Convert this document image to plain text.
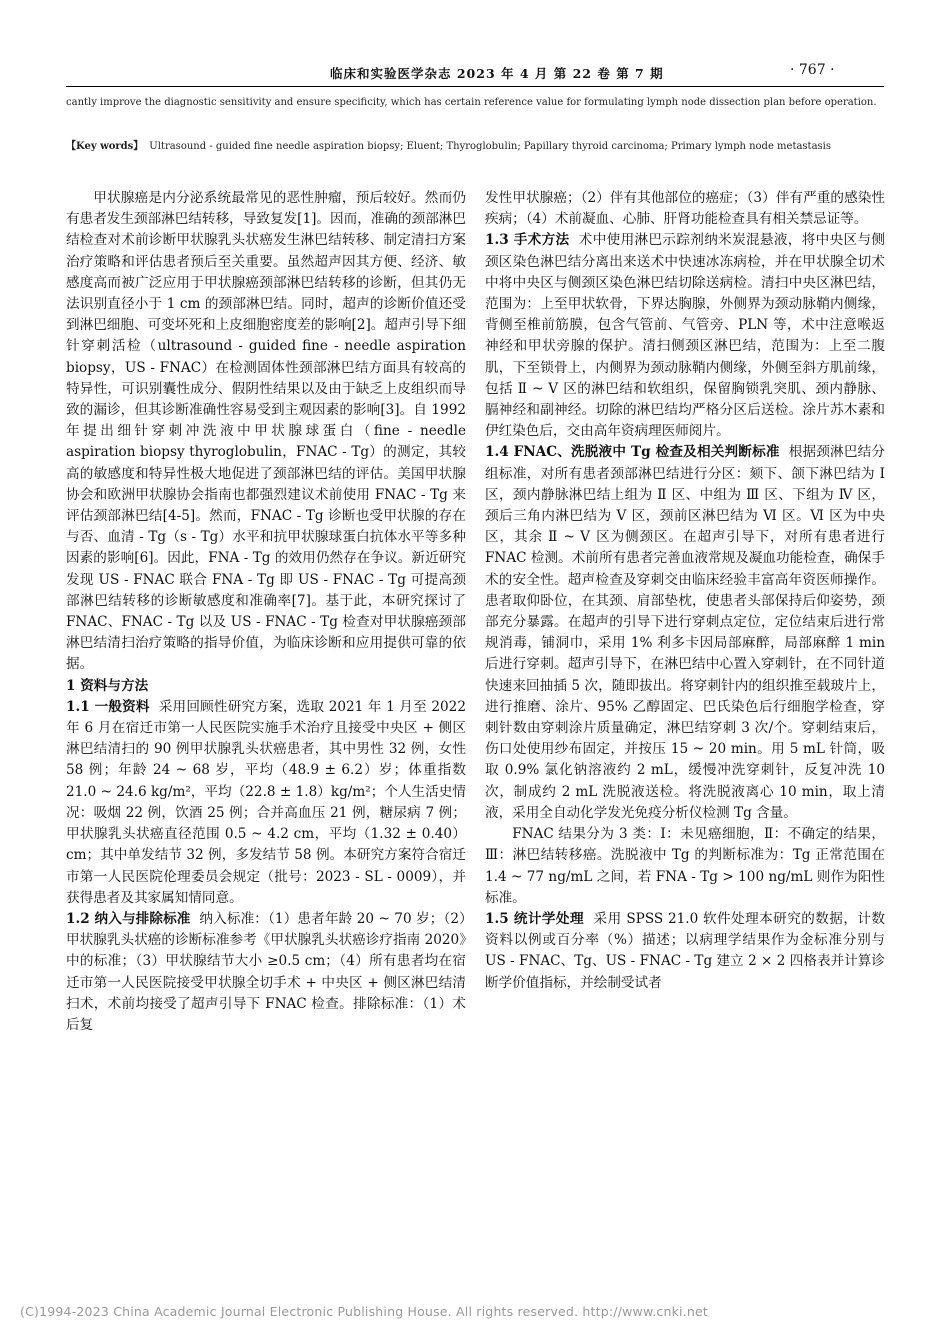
临床和实验医学杂志 2023 年 4 月 第 22 卷 第 7 期	· 767 ·
cantly improve the diagnostic sensitivity and ensure specificity, which has certain reference value for formulating lymph node dissection plan before operation.
【Key words】 Ultrasound - guided fine needle aspiration biopsy; Eluent; Thyroglobulin; Papillary thyroid carcinoma; Primary lymph node metastasis

甲状腺癌是内分泌系统最常见的恶性肿瘤，预后较好。然而仍有患者发生颈部淋巴结转移，导致复发[1]。因而，准确的颈部淋巴结检查对术前诊断甲状腺乳头状癌发生淋巴结转移、制定清扫方案治疗策略和评估患者预后至关重要。虽然超声因其方便、经济、敏感度高而被广泛应用于甲状腺癌颈部淋巴结转移的诊断，但其仍无法识别直径小于 1 cm 的颈部淋巴结。同时，超声的诊断价值还受到淋巴细胞、可变坏死和上皮细胞密度差的影响[2]。超声引导下细针穿刺活检（ultrasound - guided fine - needle aspiration biopsy，US - FNAC）在检测固体性颈部淋巴结方面具有较高的特异性，可识别囊性成分、假阴性结果以及由于缺乏上皮组织而导致的漏诊，但其诊断准确性容易受到主观因素的影响[3]。自 1992 年提出细针穿刺冲洗液中甲状腺球蛋白（fine - needle aspiration biopsy thyroglobulin，FNAC - Tg）的测定，其较高的敏感度和特异性极大地促进了颈部淋巴结的评估。美国甲状腺协会和欧洲甲状腺协会指南也都强烈建议术前使用 FNAC - Tg 来评估颈部淋巴结[4-5]。然而，FNAC - Tg 诊断也受甲状腺的存在与否、血清 - Tg（s - Tg）水平和抗甲状腺球蛋白抗体水平等多种因素的影响[6]。因此，FNA - Tg 的效用仍然存在争议。新近研究发现 US - FNAC 联合 FNA - Tg 即 US - FNAC - Tg 可提高颈部淋巴结转移的诊断敏感度和准确率[7]。基于此，本研究探讨了 FNAC、FNAC - Tg 以及 US - FNAC - Tg 检查对甲状腺癌颈部淋巴结清扫治疗策略的指导价值，为临床诊断和应用提供可靠的依据。

1 资料与方法

1.1 一般资料 采用回顾性研究方案，选取 2021 年 1 月至 2022 年 6 月在宿迁市第一人民医院实施手术治疗且接受中央区 + 侧区淋巴结清扫的 90 例甲状腺乳头状癌患者，其中男性 32 例，女性 58 例；年龄 24 ~ 68 岁，平均（48.9 ± 6.2）岁；体重指数 21.0 ~ 24.6 kg/m²，平均（22.8 ± 1.8）kg/m²；个人生活史情况：吸烟 22 例，饮酒 25 例；合并高血压 21 例，糖尿病 7 例；甲状腺乳头状癌直径范围 0.5 ~ 4.2 cm，平均（1.32 ± 0.40）cm；其中单发结节 32 例，多发结节 58 例。本研究方案符合宿迁市第一人民医院伦理委员会规定（批号：2023 - SL - 0009），并获得患者及其家属知情同意。

1.2 纳入与排除标准 纳入标准：（1）患者年龄 20 ~ 70 岁；（2）甲状腺乳头状癌的诊断标准参考《甲状腺乳头状癌诊疗指南 2020》中的标准；（3）甲状腺结节大小 ≥0.5 cm；（4）所有患者均在宿迁市第一人民医院接受甲状腺全切手术 + 中央区 + 侧区淋巴结清扫术，术前均接受了超声引导下 FNAC 检查。排除标准：（1）术后复

发性甲状腺癌；（2）伴有其他部位的癌症；（3）伴有严重的感染性疾病；（4）术前凝血、心肺、肝肾功能检查具有相关禁忌证等。

1.3 手术方法 术中使用淋巴示踪剂纳米炭混悬液，将中央区与侧颈区染色淋巴结分离出来送术中快速冰冻病检，并在甲状腺全切术中将中央区与侧颈区染色淋巴结切除送病检。清扫中央区淋巴结，范围为：上至甲状软骨，下界达胸腺，外侧界为颈动脉鞘内侧缘，背侧至椎前筋膜，包含气管前、气管旁、PLN 等，术中注意喉返神经和甲状旁腺的保护。清扫侧颈区淋巴结，范围为：上至二腹肌，下至锁骨上，内侧界为颈动脉鞘内侧缘，外侧至斜方肌前缘，包括 Ⅱ ~ Ⅴ 区的淋巴结和软组织，保留胸锁乳突肌、颈内静脉、膈神经和副神经。切除的淋巴结均严格分区后送检。涂片苏木素和伊红染色后，交由高年资病理医师阅片。

1.4 FNAC、洗脱液中 Tg 检查及相关判断标准 根据颈淋巴结分组标准，对所有患者颈部淋巴结进行分区：颏下、颌下淋巴结为 Ⅰ 区，颈内静脉淋巴结上组为 Ⅱ 区、中组为 Ⅲ 区、下组为 Ⅳ 区，颈后三角内淋巴结为 Ⅴ 区，颈前区淋巴结为 Ⅵ 区。Ⅵ 区为中央区，其余 Ⅱ ~ Ⅴ 区为侧颈区。在超声引导下，对所有患者进行 FNAC 检测。术前所有患者完善血液常规及凝血功能检查，确保手术的安全性。超声检查及穿刺交由临床经验丰富高年资医师操作。患者取仰卧位，在其颈、肩部垫枕，使患者头部保持后仰姿势，颈部充分暴露。在超声的引导下进行穿刺点定位，定位结束后进行常规消毒，铺洞巾，采用 1% 利多卡因局部麻醉，局部麻醉 1 min 后进行穿刺。超声引导下，在淋巴结中心置入穿刺针，在不同针道快速来回抽插 5 次，随即拔出。将穿刺针内的组织推至载玻片上，进行推磨、涂片、95% 乙醇固定、巴氏染色后行细胞学检查，穿刺针数由穿刺涂片质量确定，淋巴结穿刺 3 次/个。穿刺结束后，伤口处使用纱布固定，并按压 15 ~ 20 min。用 5 mL 针筒，吸取 0.9% 氯化钠溶液约 2 mL，缓慢冲洗穿刺针，反复冲洗 10 次，制成约 2 mL 洗脱液送检。将洗脱液离心 10 min，取上清液，采用全自动化学发光免疫分析仪检测 Tg 含量。

FNAC 结果分为 3 类：Ⅰ：未见癌细胞，Ⅱ：不确定的结果，Ⅲ：淋巴结转移癌。洗脱液中 Tg 的判断标准为：Tg 正常范围在 1.4 ~ 77 ng/mL 之间，若 FNA - Tg > 100 ng/mL 则作为阳性标准。

1.5 统计学处理 采用 SPSS 21.0 软件处理本研究的数据，计数资料以例或百分率（%）描述；以病理学结果作为金标准分别与 US - FNAC、Tg、US - FNAC - Tg 建立 2 × 2 四格表并计算诊断学价值指标，并绘制受试者

(C)1994-2023 China Academic Journal Electronic Publishing House. All rights reserved. http://www.cnki.net
